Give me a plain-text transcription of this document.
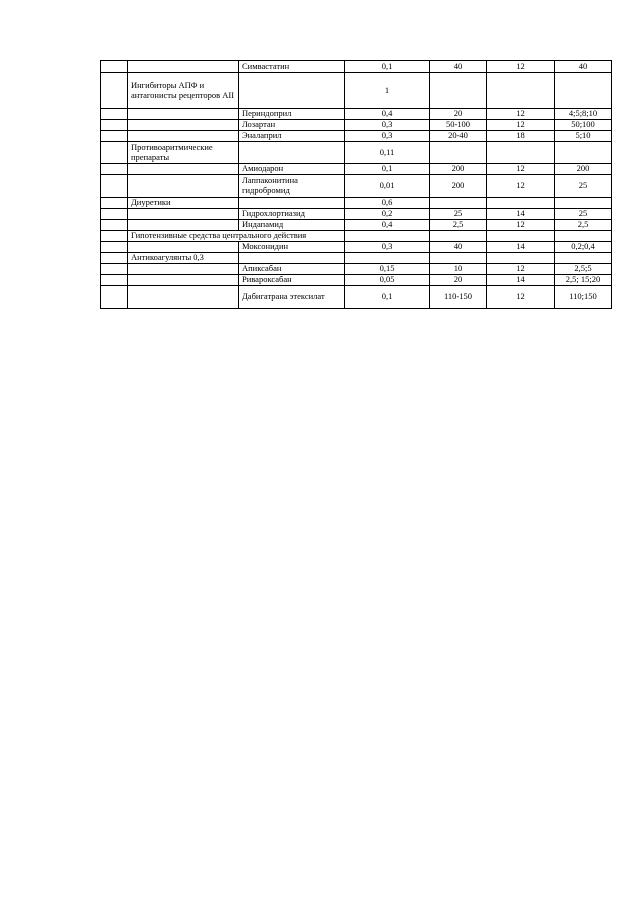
		Симвастатин	0,1	40	12	40
	Ингибиторы АПФ и антагонисты рецепторов АII		1			
		Периндоприл	0,4	20	12	4;5;8;10
		Лозартан	0,3	50-100	12	50;100
		Эналаприл	0,3	20-40	18	5;10
	Противоаритмические препараты		0,11			
		Амиодарон	0,1	200	12	200
		Лаппаконитина гидробромид	0,01	200	12	25
	Диуретики		0,6			
		Гидрохлортиазид	0,2	25	14	25
		Индапамид	0,4	2,5	12	2,5
	Гипотензивные средства центрального действия					
		Моксонидин	0,3	40	14	0,2;0,4
	Антикоагулянты 0,3					
		Апиксабан	0,15	10	12	2,5;5
		Ривароксабан	0,05	20	14	2,5; 15;20
		Дабигатрана этексилат	0,1	110-150	12	110;150
